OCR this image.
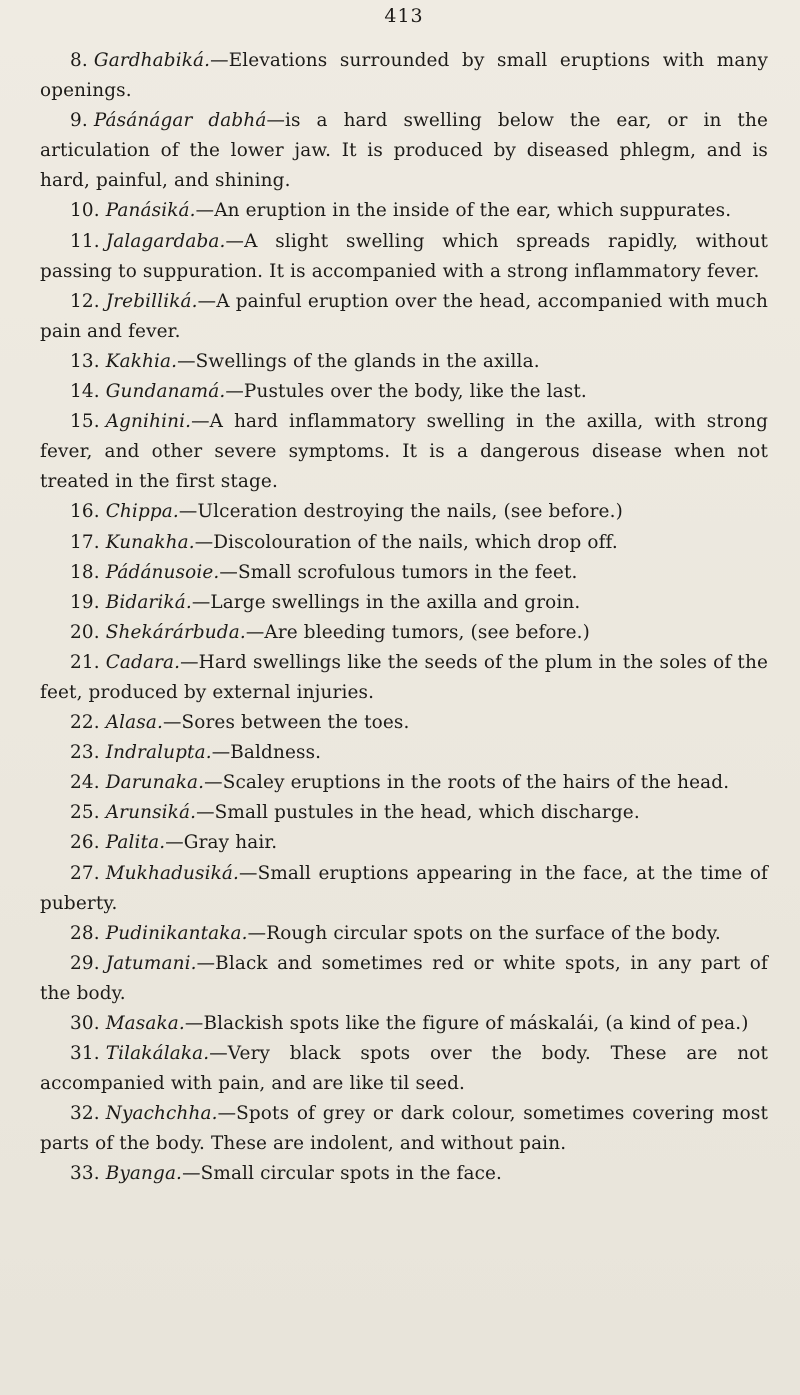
413

8. Gardhabiká.—Elevations surrounded by small eruptions with many openings.

9. Pásánágar dabhá—is a hard swelling below the ear, or in the articulation of the lower jaw. It is produced by diseased phlegm, and is hard, painful, and shining.

10. Panásiká.—An eruption in the inside of the ear, which suppurates.

11. Jalagardaba.—A slight swelling which spreads rapidly, without passing to suppuration. It is accompanied with a strong inflammatory fever.

12. Jrebilliká.—A painful eruption over the head, accompanied with much pain and fever.

13. Kakhia.—Swellings of the glands in the axilla.

14. Gundanamá.—Pustules over the body, like the last.

15. Agnihini.—A hard inflammatory swelling in the axilla, with strong fever, and other severe symptoms. It is a dangerous disease when not treated in the first stage.

16. Chippa.—Ulceration destroying the nails, (see before.)

17. Kunakha.—Discolouration of the nails, which drop off.

18. Pádánusoie.—Small scrofulous tumors in the feet.

19. Bidariká.—Large swellings in the axilla and groin.

20. Shekárárbuda.—Are bleeding tumors, (see before.)

21. Cadara.—Hard swellings like the seeds of the plum in the soles of the feet, produced by external injuries.

22. Alasa.—Sores between the toes.

23. Indralupta.—Baldness.

24. Darunaka.—Scaley eruptions in the roots of the hairs of the head.

25. Arunsiká.—Small pustules in the head, which discharge.

26. Palita.—Gray hair.

27. Mukhadusiká.—Small eruptions appearing in the face, at the time of puberty.

28. Pudinikantaka.—Rough circular spots on the surface of the body.

29. Jatumani.—Black and sometimes red or white spots, in any part of the body.

30. Masaka.—Blackish spots like the figure of máskalái, (a kind of pea.)

31. Tilakálaka.—Very black spots over the body. These are not accompanied with pain, and are like til seed.

32. Nyachchha.—Spots of grey or dark colour, sometimes covering most parts of the body. These are indolent, and without pain.

33. Byanga.—Small circular spots in the face.
